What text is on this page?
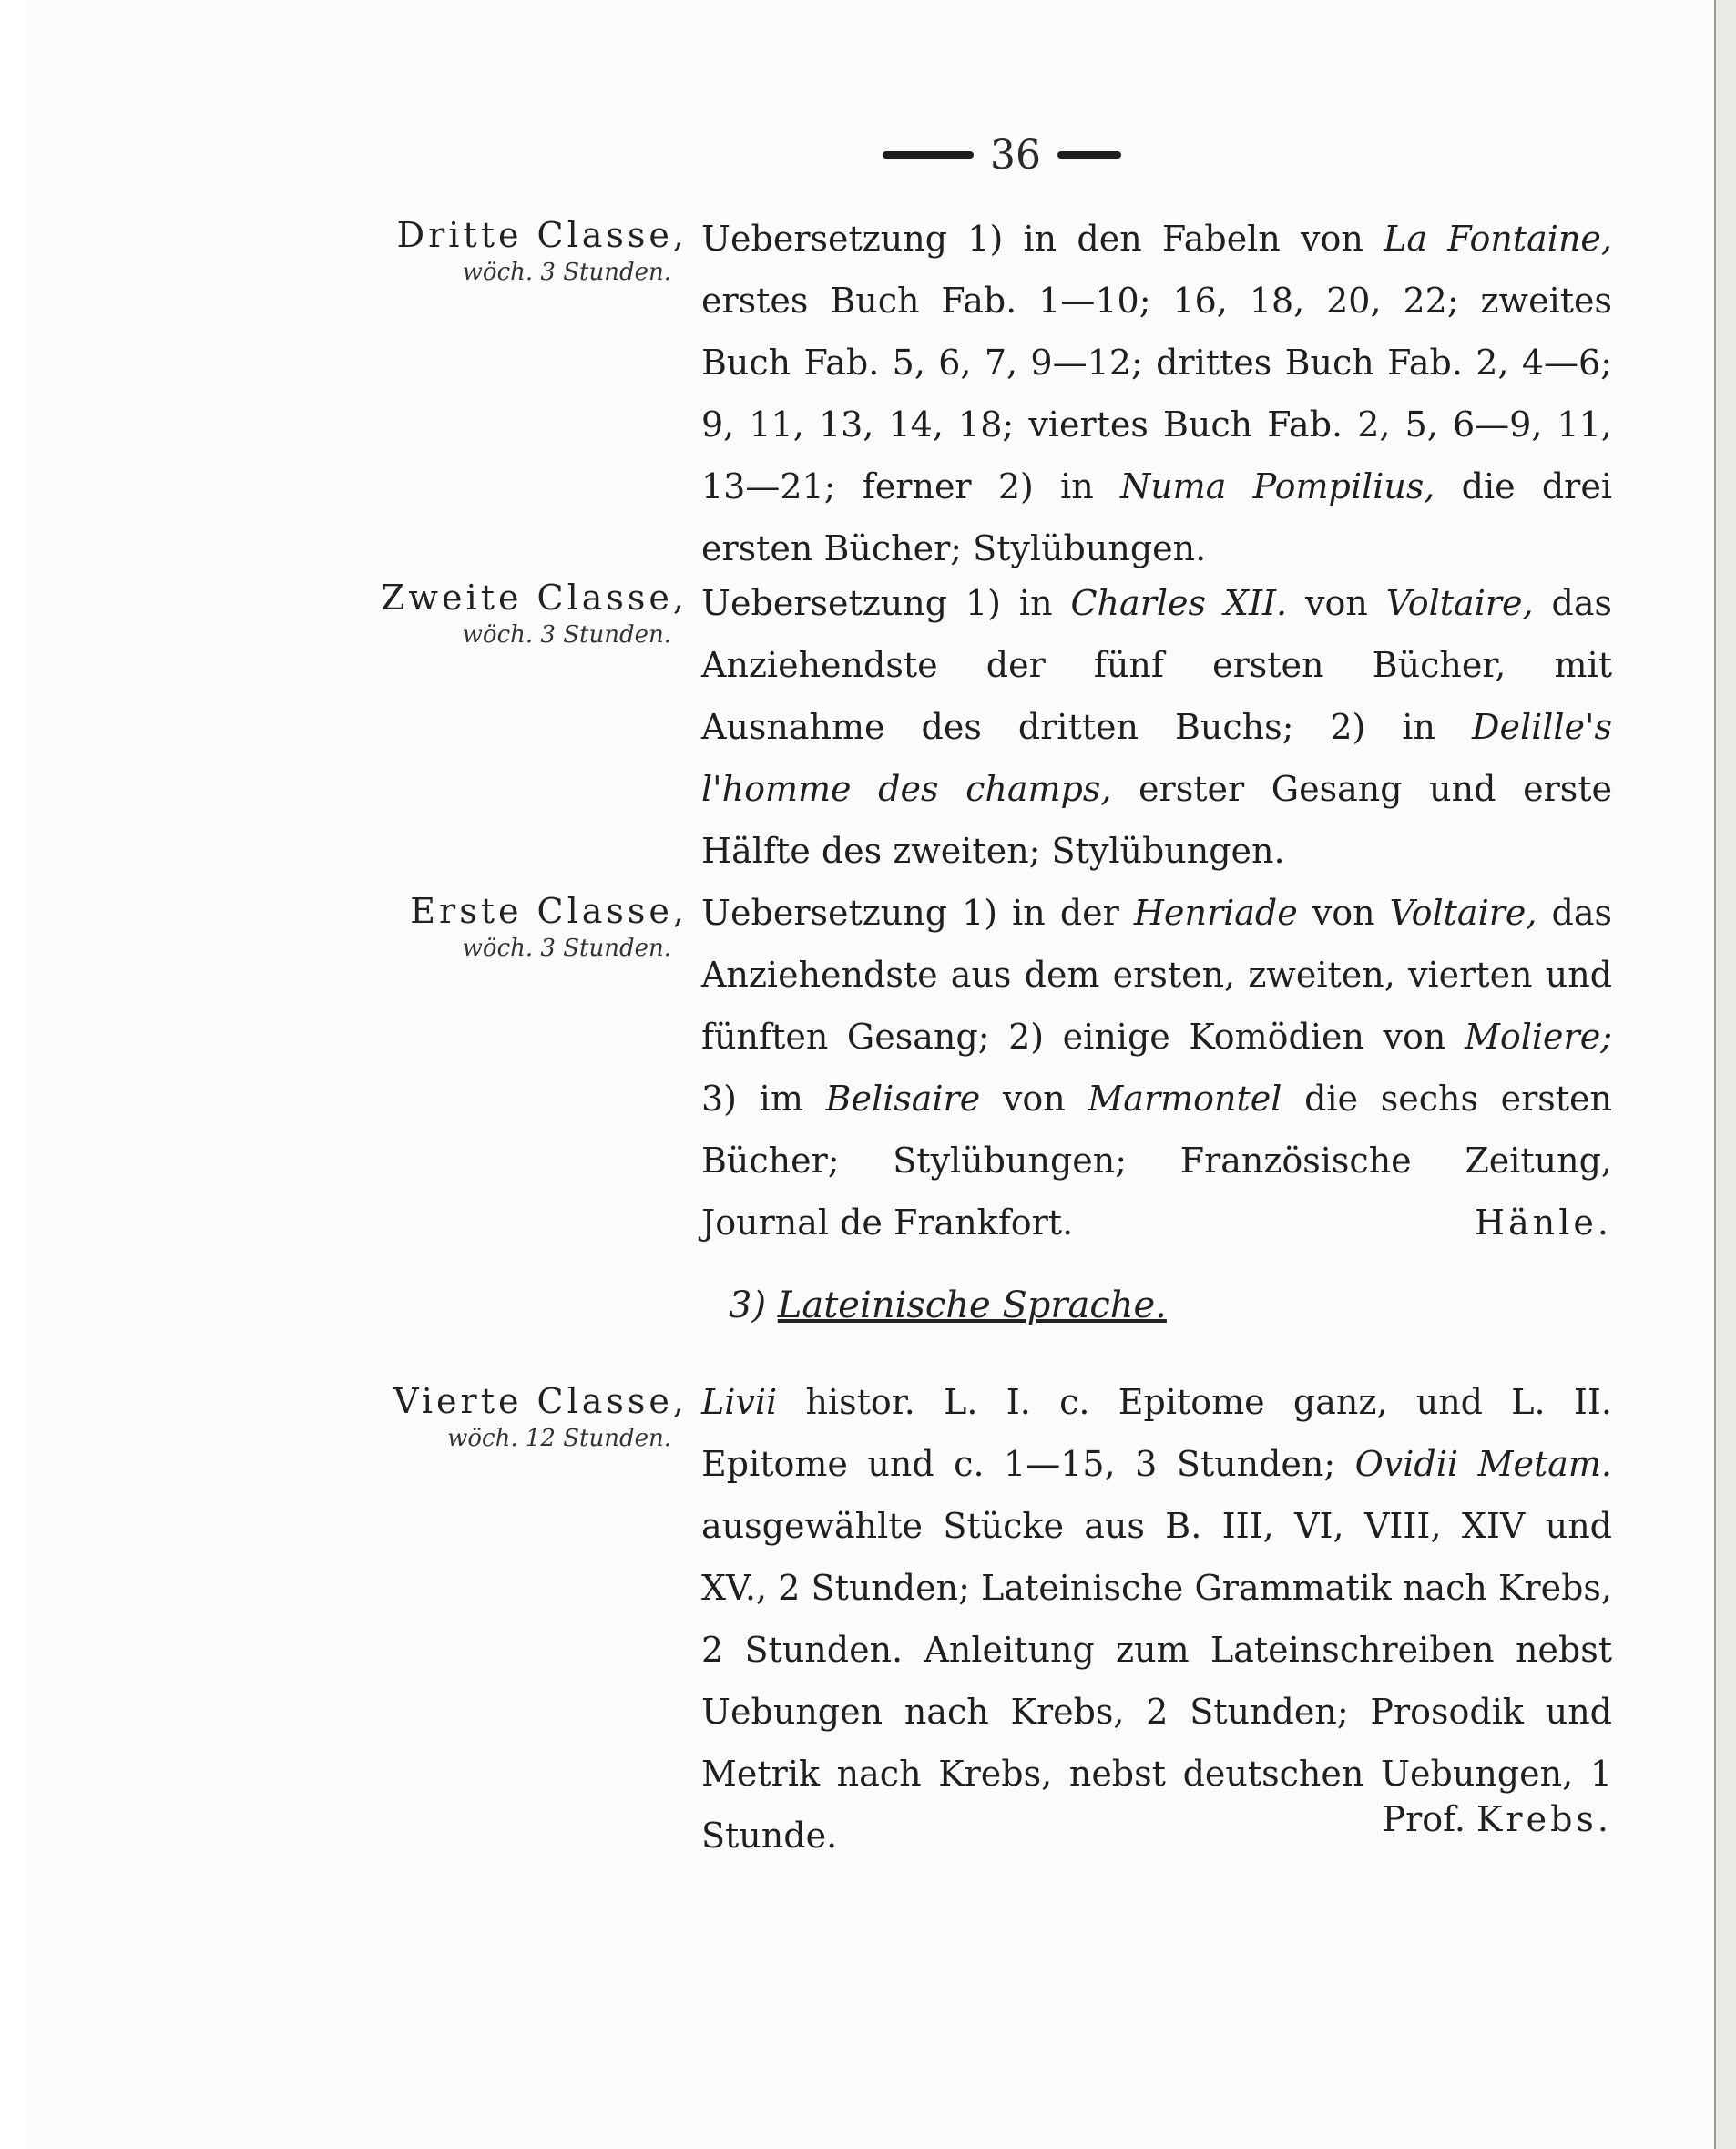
36
Dritte Classe,
wöch. 3 Stunden.
Uebersetzung 1) in den Fabeln von La Fontaine, erstes Buch Fab. 1—10; 16, 18, 20, 22; zweites Buch Fab. 5, 6, 7, 9—12; drittes Buch Fab. 2, 4—6; 9, 11, 13, 14, 18; viertes Buch Fab. 2, 5, 6—9, 11, 13—21; ferner 2) in Numa Pompilius, die drei ersten Bücher; Stylübungen.
Zweite Classe,
wöch. 3 Stunden.
Uebersetzung 1) in Charles XII. von Voltaire, das Anziehendste der fünf ersten Bücher, mit Ausnahme des dritten Buchs; 2) in Delille's l'homme des champs, erster Gesang und erste Hälfte des zweiten; Stylübungen.
Erste Classe,
wöch. 3 Stunden.
Uebersetzung 1) in der Henriade von Voltaire, das Anziehendste aus dem ersten, zweiten, vierten und fünften Gesang; 2) einige Komödien von Moliere; 3) im Belisaire von Marmontel die sechs ersten Bücher; Stylübungen; Französische Zeitung, Journal de Frankfort.	Hänle.
3) Lateinische Sprache.
Vierte Classe,
wöch. 12 Stunden.
Livii histor. L. I. c. Epitome ganz, und L. II. Epitome und c. 1—15, 3 Stunden; Ovidii Metam. ausgewählte Stücke aus B. III, VI, VIII, XIV und XV., 2 Stunden; Lateinische Grammatik nach Krebs, 2 Stunden. Anleitung zum Lateinschreiben nebst Uebungen nach Krebs, 2 Stunden; Prosodik und Metrik nach Krebs, nebst deutschen Uebungen, 1 Stunde.	Prof. Krebs.
